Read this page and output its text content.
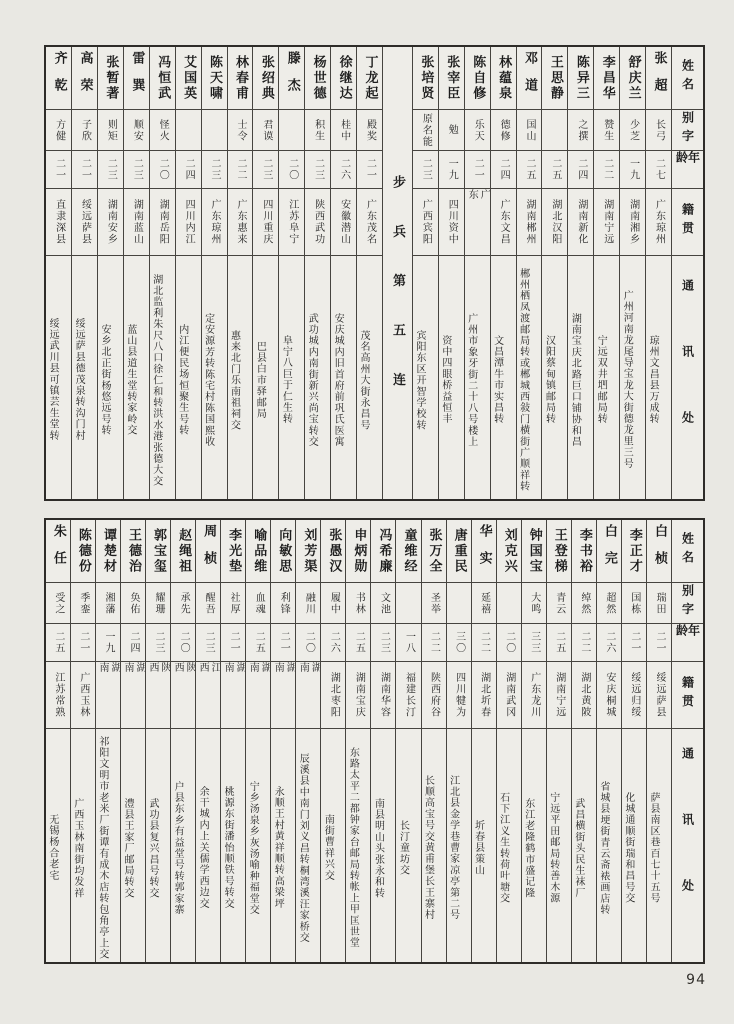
姓名
别字
年龄
籍贯
通讯处
张超
长弓
二七
广东琼州
琼州文昌县万成转
舒庆兰
少芝
一九
湖南湘乡
广州河南龙尾导宝龙大街德龙里三号
李昌华
赞生
二二
湖南宁远
宁远双井垇邮局转
陈异三
之撰
二四
湖南新化
湖南宝庆北路巨口铺协和昌
王思静
二五
湖北汉阳
汉阳蔡甸镇邮局转
邓道
国山
二五
湖南郴州
郴州栖凤渡邮局转或郴城西敍门横街广顺祥转
林蕴泉
德修
二四
广东文昌
文昌潭牛市实昌转
陈自修
乐天
二一
广东
广州市象牙街二十八号楼上
张宰臣
勉
一九
四川资中
资中四眼桥益恒丰
张培贤
原名能
二三
广西宾阳
宾阳东区开智学校转
步兵第五连
丁龙起
殿奖
二一
广东茂名
茂名高州大街永昌号
徐继达
桂中
二六
安徽潜山
安庆城内旧首府前巩氏医寓
杨世德
积生
二三
陕西武功
武功城内南街新兴尚宝转交
滕杰
二〇
江苏阜宁
阜宁八巨于仁生转
张绍典
君谟
二三
四川重庆
巴县白市驿邮局
林春甫
士令
二二
广东惠来
惠来北门乐南祖祠交
陈天啸
二三
广东琼州
定安源芳转陈宅村陈国熙收
艾国英
二四
四川内江
内江便民场恒聚生号转
冯恒武
怪火
二〇
湖南岳阳
湖北监利朱尺八口徐仁和转洪水港张德大交
雷巽
顺安
二三
湖南蓝山
蓝山县道生堂转家岭交
张暂著
则矩
二三
湖南安乡
安乡北正街杨悠远号转
高荣
子欣
二一
绥远萨县
绥远萨县德茂泉转沟门村
齐乾
方健
二一
直隶深县
绥远武川县可镇芸生堂转
姓名
别字
年龄
籍贯
通讯处
白桢
瑞田
二一
绥远萨县
萨县南区巷百七十五号
李正才
国栋
二一
绥远归绥
化城通顺街瑞和昌号交
白完
超然
二六
安庆桐城
省城县埂街青云斋裱画店转
李书裕
绰然
二二
湖北黄陂
武昌横街头民生袜厂
王登梯
青云
二五
湖南宁远
宁远平田邮局转善木源
钟国宝
大鸣
三三
广东龙川
东江老隆鹤市盛记隆
刘克兴
二〇
湖南武冈
石下江义生转荷叶塘交
华实
延禧
二二
湖北圻春
圻春县策山
唐重民
三〇
四川犍为
江北县金学巷曹家凉亭第二号
张万全
圣举
二二
陕西府谷
长顺高宝号交黄甫堡长王寨村
童维经
一八
福建长汀
长汀童坊交
冯希廉
文池
二三
湖南华容
南县明山头张永和转
申炳勋
书林
二五
湖南宝庆
东路太平二都钟家台邮局转帐上甲匡世堂
张愚汉
履中
二六
湖北枣阳
南街曹祥兴交
刘芳渠
融川
二〇
湖南
辰溪县中南门刘义昌转桐湾溪汪家桥交
向敏思
利锋
二一
湖南
永顺王村黄祥顺转高梁坪
喻品维
血魂
二五
湖南
宁乡汤泉乡灰汤喻种福堂交
李光垫
社厚
二一
湖南
桃源东街潘怡顺铁号转交
周桢
醒吾
二三
江西
余干城内上关儒学西边交
赵绳祖
承先
二〇
陕西
户县东乡有益堂号转郭家寨
郭宝玺
耀珊
二三
陕西
武功县复兴昌号转交
王德治
奂佑
二四
湖南
澧县王家厂邮局转交
谭楚材
湘藩
一九
湖南
祁阳文明市老米厂街谭有成木店转包角亭上交
陈德份
季銮
二一
广西玉林
广西玉林南街均发祥
朱任
受之
二五
江苏常熟
无锡杨合老宅
94
